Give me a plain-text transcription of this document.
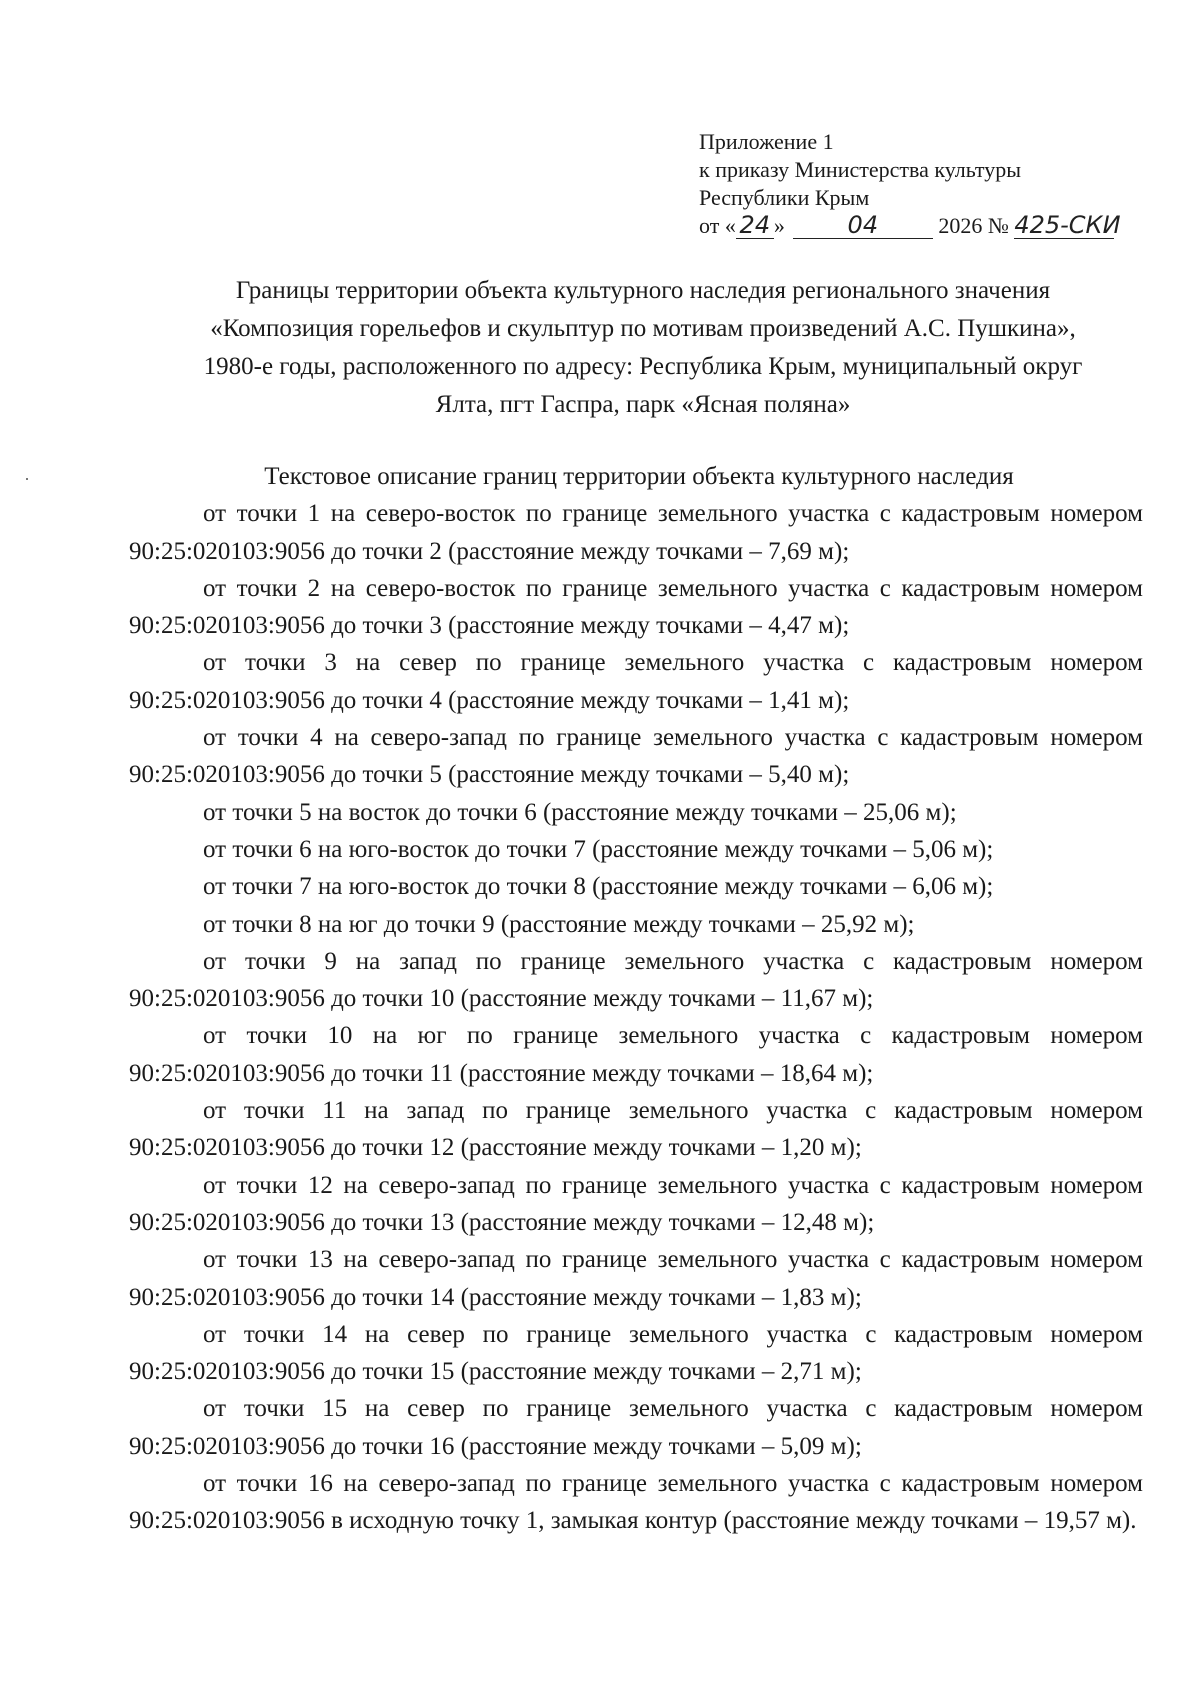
Приложение 1
к приказу Министерства культуры
Республики Крым
от « 24 »	04	2026 № 425-СКИ
Границы территории объекта культурного наследия регионального значения
«Композиция горельефов и скульптур по мотивам произведений А.С. Пушкина»,
1980-е годы, расположенного по адресу: Республика Крым, муниципальный округ
Ялта, пгт Гаспра, парк «Ясная поляна»

Текстовое описание границ территории объекта культурного наследия

от точки 1 на северо-восток по границе земельного участка с кадастровым номером 90:25:020103:9056 до точки 2 (расстояние между точками – 7,69 м);

от точки 2 на северо-восток по границе земельного участка с кадастровым номером 90:25:020103:9056 до точки 3 (расстояние между точками – 4,47 м);

от точки 3 на север по границе земельного участка с кадастровым номером 90:25:020103:9056 до точки 4 (расстояние между точками – 1,41 м);

от точки 4 на северо-запад по границе земельного участка с кадастровым номером 90:25:020103:9056 до точки 5 (расстояние между точками – 5,40 м);

от точки 5 на восток до точки 6 (расстояние между точками – 25,06 м);

от точки 6 на юго-восток до точки 7 (расстояние между точками – 5,06 м);

от точки 7 на юго-восток до точки 8 (расстояние между точками – 6,06 м);

от точки 8 на юг до точки 9 (расстояние между точками – 25,92 м);

от точки 9 на запад по границе земельного участка с кадастровым номером 90:25:020103:9056 до точки 10 (расстояние между точками – 11,67 м);

от точки 10 на юг по границе земельного участка с кадастровым номером 90:25:020103:9056 до точки 11 (расстояние между точками – 18,64 м);

от точки 11 на запад по границе земельного участка с кадастровым номером 90:25:020103:9056 до точки 12 (расстояние между точками – 1,20 м);

от точки 12 на северо-запад по границе земельного участка с кадастровым номером 90:25:020103:9056 до точки 13 (расстояние между точками – 12,48 м);

от точки 13 на северо-запад по границе земельного участка с кадастровым номером 90:25:020103:9056 до точки 14 (расстояние между точками – 1,83 м);

от точки 14 на север по границе земельного участка с кадастровым номером 90:25:020103:9056 до точки 15 (расстояние между точками – 2,71 м);

от точки 15 на север по границе земельного участка с кадастровым номером 90:25:020103:9056 до точки 16 (расстояние между точками – 5,09 м);

от точки 16 на северо-запад по границе земельного участка с кадастровым номером 90:25:020103:9056 в исходную точку 1, замыкая контур (расстояние между точками – 19,57 м).
